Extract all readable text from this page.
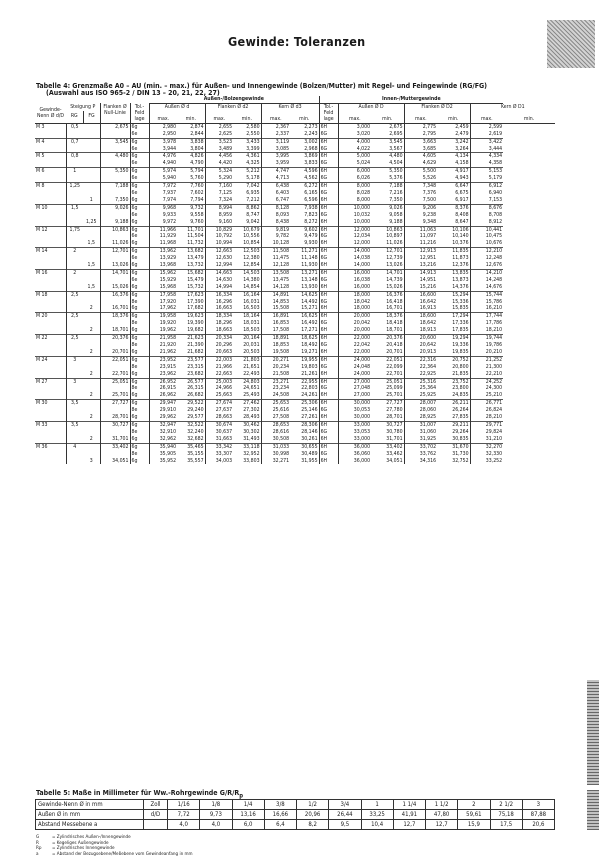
Gewinde: Toleranzen
Tabelle 4: Grenzmaße A0 – AU (min. – max.) für Außen- und Innengewinde (Bolzen/Mutter) mit Regel- und Feingewinde (RG/FG)
(Auswahl aus ISO 965-2 / DIN 13 – 20, 21, 22, 27)
					Außen-/Bolzengewinde						Innen-/Muttergewinde						
Gewinde-Nenn Ø d/D	Steigung P		Flanken Ø Null-Linie	Tol.-Feld	Außen Ø d		Flanken Ø d2		Kern Ø d3		Tol.-Feld	Außen Ø D		Flanken Ø D2		Kern Ø D1	
	RG	FG															
				lage	max.	min.	max.	min.	max.	min.	lage	max.	min.	max.	min.	max.	min.
M 3	0,5		2,675	6g	2,980	2,874	2,655	2,580	2,367	2,273	6H	3,000	2,675	2,775	2,459	2,599	
				6e	2,950	2,844	2,625	2,550	2,337	2,243	6G	3,020	2,695	2,795	2,479	2,619	
M 4	0,7		3,545	6g	3,978	3,838	3,523	3,433	3,119	3,002	6H	4,000	3,545	3,663	3,242	3,422	
				6e	3,944	3,804	3,489	3,399	3,085	2,968	6G	4,022	3,567	3,685	3,264	3,444	
M 5	0,8		4,480	6g	4,976	4,826	4,456	4,361	3,995	3,869	6H	5,000	4,480	4,605	4,134	4,334	
				6e	4,940	4,790	4,420	4,325	3,959	3,833	6G	5,024	4,504	4,629	4,158	4,358	
M 6	1		5,350	6g	5,974	5,794	5,324	5,212	4,747	4,596	6H	6,000	5,350	5,500	4,917	5,153	
				6e	5,940	5,760	5,290	5,178	4,713	4,562	6G	6,026	5,376	5,526	4,943	5,179	
M 8	1,25		7,188	6g	7,972	7,760	7,160	7,042	6,438	6,272	6H	8,000	7,188	7,348	6,647	6,912	
				6e	7,937	7,602	7,125	6,935	6,403	6,165	6G	8,028	7,216	7,376	6,675	6,940	
		1	7,350	6g	7,974	7,794	7,324	7,212	6,747	6,596	6H	8,000	7,350	7,500	6,917	7,153	
M 10	1,5		9,026	6g	9,968	9,732	8,994	8,862	8,128	7,938	6H	10,000	9,026	9,206	8,376	8,676	
				6e	9,933	9,558	8,959	8,747	8,093	7,823	6G	10,032	9,058	9,238	8,408	8,708	
		1,25	9,188	6g	9,972	9,760	9,160	9,042	8,438	8,272	6H	10,000	9,188	9,348	8,647	8,912	
M 12	1,75		10,863	6g	11,966	11,701	10,829	10,679	9,819	9,602	6H	12,000	10,863	11,063	10,106	10,441	
				6e	11,929	11,504	10,792	10,556	9,782	9,479	6G	12,034	10,897	11,097	10,140	10,475	
		1,5	11,026	6g	11,968	11,732	10,994	10,854	10,128	9,930	6H	12,000	11,026	11,216	10,376	10,676	
M 14	2		12,701	6g	13,962	13,682	12,663	12,503	11,508	11,271	6H	14,000	12,701	12,913	11,835	12,210	
				6e	13,929	13,479	12,630	12,380	11,475	11,148	6G	14,038	12,739	12,951	11,873	12,248	
		1,5	13,026	6g	13,968	13,732	12,994	12,854	12,128	11,930	6H	14,000	13,026	13,216	12,376	12,676	
M 16	2		14,701	6g	15,962	15,682	14,663	14,503	13,508	13,271	6H	16,000	14,701	14,913	13,835	14,210	
				6e	15,929	15,479	14,630	14,380	13,475	13,148	6G	16,038	14,739	14,951	13,873	14,248	
		1,5	15,026	6g	15,968	15,732	14,994	14,854	14,128	13,930	6H	16,000	15,026	15,216	14,376	14,676	
M 18	2,5		16,376	6g	17,958	17,623	16,334	16,164	14,891	14,625	6H	18,000	16,376	16,600	15,294	15,744	
				8e	17,920	17,390	16,296	16,031	14,853	14,492	6G	18,042	16,418	16,642	15,336	15,786	
		2	16,701	6g	17,962	17,682	16,663	16,503	15,508	15,271	6H	18,000	16,701	16,913	15,835	16,210	
M 20	2,5		18,376	6g	19,958	19,623	18,334	18,164	16,891	16,625	6H	20,000	18,376	18,600	17,294	17,744	
				8e	19,920	19,390	18,296	18,031	16,853	16,492	6G	20,042	18,418	18,642	17,336	17,786	
		2	18,701	6g	19,962	19,682	18,663	18,503	17,508	17,271	6H	20,000	18,701	18,913	17,835	18,210	
M 22	2,5		20,376	6g	21,958	21,623	20,334	20,164	18,891	18,625	6H	22,000	20,376	20,600	19,294	19,744	
				8e	21,920	21,390	20,296	20,031	18,853	18,492	6G	22,042	20,418	20,642	19,336	19,786	
		2	20,701	6g	21,962	21,682	20,663	20,503	19,508	19,271	6H	22,000	20,701	20,913	19,835	20,210	
M 24	3		22,051	6g	23,952	23,577	22,003	21,803	20,271	19,955	6H	24,000	22,051	22,316	20,752	21,252	
				8e	23,915	23,315	21,966	21,651	20,234	19,803	6G	24,048	22,099	22,364	20,800	21,300	
		2	22,701	6g	23,962	23,682	22,663	22,493	21,508	21,261	6H	24,000	22,701	22,925	21,835	22,210	
M 27	3		25,051	6g	26,952	26,577	25,003	24,803	23,271	22,955	6H	27,000	25,051	25,316	23,752	24,252	
				8e	26,915	26,315	24,966	24,651	23,234	22,803	6G	27,048	25,099	25,364	23,800	24,300	
		2	25,701	6g	26,962	26,682	25,663	25,493	24,508	24,261	6H	27,000	25,701	25,925	24,835	25,210	
M 30	3,5		27,727	6g	29,947	29,522	27,674	27,462	25,653	25,306	6H	30,000	27,727	28,007	26,211	26,771	
				8e	29,910	29,240	27,637	27,302	25,616	25,146	6G	30,053	27,780	28,060	26,264	26,824	
		2	28,701	6g	29,962	29,577	28,663	28,493	27,508	27,261	6H	30,000	28,701	28,925	27,835	28,210	
M 33	3,5		30,727	6g	32,947	32,522	30,674	30,462	28,653	28,306	6H	33,000	30,727	31,007	29,211	29,771	
				8e	32,910	32,240	30,637	30,302	28,616	28,146	6G	33,053	30,780	31,060	29,264	29,824	
		2	31,701	6g	32,962	32,682	31,663	31,493	30,508	30,261	6H	33,000	31,701	31,925	30,835	31,210	
M 36	4		33,402	6g	35,940	35,465	33,342	33,118	31,033	30,655	6H	36,000	33,402	33,702	31,670	32,270	
				8e	35,905	35,155	33,307	32,952	30,998	30,489	6G	36,060	33,462	33,762	31,730	32,330	
		3	34,051	6g	35,952	35,557	34,003	33,803	32,271	31,955	6H	36,000	34,051	34,316	32,752	33,252	
Tabelle 5: Maße in Millimeter für Ww.-Rohrgewinde $G/R/R_p$
Gewinde-Nenn Ø in mm	Zoll	1/16	1/8	1/4	3/8	1/2	3/4	1	1 1/4	1 1/2	2	2 1/2	3
Außen Ø in mm	d/D	7,72	9,73	13,16	16,66	20,96	26,44	33,25	41,91	47,80	59,61	75,18	87,88
Abstand Messebene a		4,0	4,0	6,0	6,4	8,2	9,5	10,4	12,7	12,7	15,9	17,5	20,6
G	= Zylindrisches Außen-/Innengewinde
R	= Kegeliges Außengewinde
Rp = Zylindrisches Innengewinde
a	= Abstand der Bezugsebene/Meßebene vom Gewindeanfang in mm
